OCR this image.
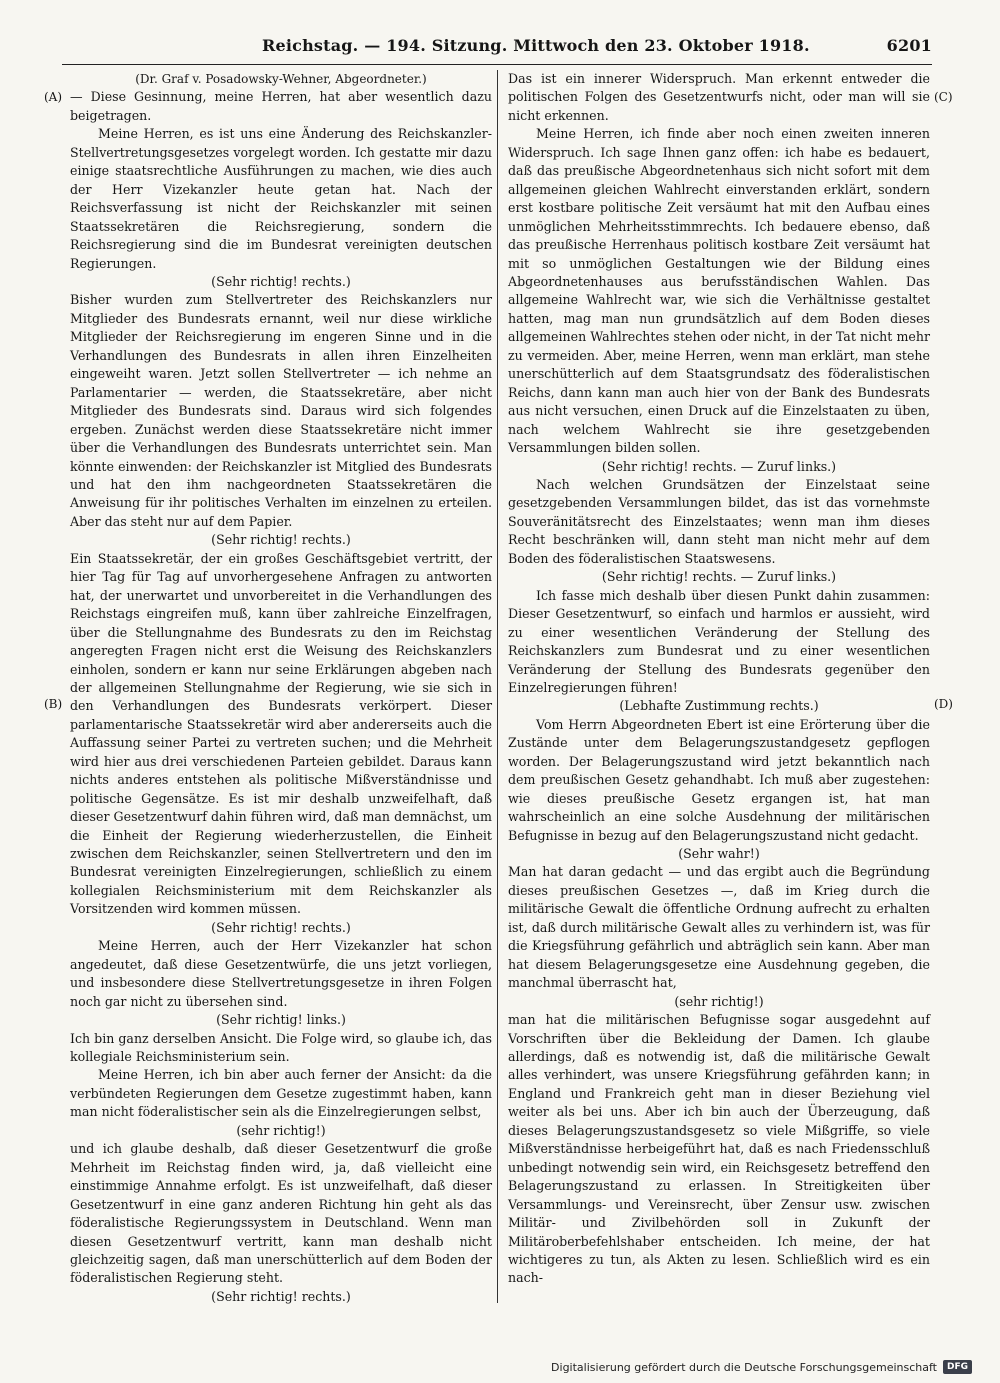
Reichstag. — 194. Sitzung. Mittwoch den 23. Oktober 1918.	6201
(A)
(B)
(C)
(D)

(Dr. Graf v. Posadowsky-Wehner, Abgeordneter.)

— Diese Gesinnung, meine Herren, hat aber wesentlich dazu beigetragen.

Meine Herren, es ist uns eine Änderung des Reichskanzler-Stellvertretungsgesetzes vorgelegt worden. Ich gestatte mir dazu einige staatsrechtliche Ausführungen zu machen, wie dies auch der Herr Vizekanzler heute getan hat. Nach der Reichsverfassung ist nicht der Reichskanzler mit seinen Staatssekretären die Reichsregierung, sondern die Reichsregierung sind die im Bundesrat vereinigten deutschen Regierungen.

(Sehr richtig! rechts.)

Bisher wurden zum Stellvertreter des Reichskanzlers nur Mitglieder des Bundesrats ernannt, weil nur diese wirkliche Mitglieder der Reichsregierung im engeren Sinne und in die Verhandlungen des Bundesrats in allen ihren Einzelheiten eingeweiht waren. Jetzt sollen Stellvertreter — ich nehme an Parlamentarier — werden, die Staatssekretäre, aber nicht Mitglieder des Bundesrats sind. Daraus wird sich folgendes ergeben. Zunächst werden diese Staatssekretäre nicht immer über die Verhandlungen des Bundesrats unterrichtet sein. Man könnte einwenden: der Reichskanzler ist Mitglied des Bundesrats und hat den ihm nachgeordneten Staatssekretären die Anweisung für ihr politisches Verhalten im einzelnen zu erteilen. Aber das steht nur auf dem Papier.

(Sehr richtig! rechts.)

Ein Staatssekretär, der ein großes Geschäftsgebiet vertritt, der hier Tag für Tag auf unvorhergesehene Anfragen zu antworten hat, der unerwartet und unvorbereitet in die Verhandlungen des Reichstags eingreifen muß, kann über zahlreiche Einzelfragen, über die Stellungnahme des Bundesrats zu den im Reichstag angeregten Fragen nicht erst die Weisung des Reichskanzlers einholen, sondern er kann nur seine Erklärungen abgeben nach der allgemeinen Stellungnahme der Regierung, wie sie sich in den Verhandlungen des Bundesrats verkörpert. Dieser parlamentarische Staatssekretär wird aber andererseits auch die Auffassung seiner Partei zu vertreten suchen; und die Mehrheit wird hier aus drei verschiedenen Parteien gebildet. Daraus kann nichts anderes entstehen als politische Mißverständnisse und politische Gegensätze. Es ist mir deshalb unzweifelhaft, daß dieser Gesetzentwurf dahin führen wird, daß man demnächst, um die Einheit der Regierung wiederherzustellen, die Einheit zwischen dem Reichskanzler, seinen Stellvertretern und den im Bundesrat vereinigten Einzelregierungen, schließlich zu einem kollegialen Reichsministerium mit dem Reichskanzler als Vorsitzenden wird kommen müssen.

(Sehr richtig! rechts.)

Meine Herren, auch der Herr Vizekanzler hat schon angedeutet, daß diese Gesetzentwürfe, die uns jetzt vorliegen, und insbesondere diese Stellvertretungsgesetze in ihren Folgen noch gar nicht zu übersehen sind.

(Sehr richtig! links.)

Ich bin ganz derselben Ansicht. Die Folge wird, so glaube ich, das kollegiale Reichsministerium sein.

Meine Herren, ich bin aber auch ferner der Ansicht: da die verbündeten Regierungen dem Gesetze zugestimmt haben, kann man nicht föderalistischer sein als die Einzelregierungen selbst,

(sehr richtig!)

und ich glaube deshalb, daß dieser Gesetzentwurf die große Mehrheit im Reichstag finden wird, ja, daß vielleicht eine einstimmige Annahme erfolgt. Es ist unzweifelhaft, daß dieser Gesetzentwurf in eine ganz anderen Richtung hin geht als das föderalistische Regierungssystem in Deutschland. Wenn man diesen Gesetzentwurf vertritt, kann man deshalb nicht gleichzeitig sagen, daß man unerschütterlich auf dem Boden der föderalistischen Regierung steht.

(Sehr richtig! rechts.)

Das ist ein innerer Widerspruch. Man erkennt entweder die politischen Folgen des Gesetzentwurfs nicht, oder man will sie nicht erkennen.

Meine Herren, ich finde aber noch einen zweiten inneren Widerspruch. Ich sage Ihnen ganz offen: ich habe es bedauert, daß das preußische Abgeordnetenhaus sich nicht sofort mit dem allgemeinen gleichen Wahlrecht einverstanden erklärt, sondern erst kostbare politische Zeit versäumt hat mit den Aufbau eines unmöglichen Mehrheitsstimmrechts. Ich bedauere ebenso, daß das preußische Herrenhaus politisch kostbare Zeit versäumt hat mit so unmöglichen Gestaltungen wie der Bildung eines Abgeordnetenhauses aus berufsständischen Wahlen. Das allgemeine Wahlrecht war, wie sich die Verhältnisse gestaltet hatten, mag man nun grundsätzlich auf dem Boden dieses allgemeinen Wahlrechtes stehen oder nicht, in der Tat nicht mehr zu vermeiden. Aber, meine Herren, wenn man erklärt, man stehe unerschütterlich auf dem Staatsgrundsatz des föderalistischen Reichs, dann kann man auch hier von der Bank des Bundesrats aus nicht versuchen, einen Druck auf die Einzelstaaten zu üben, nach welchem Wahlrecht sie ihre gesetzgebenden Versammlungen bilden sollen.

(Sehr richtig! rechts. — Zuruf links.)

Nach welchen Grundsätzen der Einzelstaat seine gesetzgebenden Versammlungen bildet, das ist das vornehmste Souveränitätsrecht des Einzelstaates; wenn man ihm dieses Recht beschränken will, dann steht man nicht mehr auf dem Boden des föderalistischen Staatswesens.

(Sehr richtig! rechts. — Zuruf links.)

Ich fasse mich deshalb über diesen Punkt dahin zusammen: Dieser Gesetzentwurf, so einfach und harmlos er aussieht, wird zu einer wesentlichen Veränderung der Stellung des Reichskanzlers zum Bundesrat und zu einer wesentlichen Veränderung der Stellung des Bundesrats gegenüber den Einzelregierungen führen!

(Lebhafte Zustimmung rechts.)

Vom Herrn Abgeordneten Ebert ist eine Erörterung über die Zustände unter dem Belagerungszustandgesetz gepflogen worden. Der Belagerungszustand wird jetzt bekanntlich nach dem preußischen Gesetz gehandhabt. Ich muß aber zugestehen: wie dieses preußische Gesetz ergangen ist, hat man wahrscheinlich an eine solche Ausdehnung der militärischen Befugnisse in bezug auf den Belagerungszustand nicht gedacht.

(Sehr wahr!)

Man hat daran gedacht — und das ergibt auch die Begründung dieses preußischen Gesetzes —, daß im Krieg durch die militärische Gewalt die öffentliche Ordnung aufrecht zu erhalten ist, daß durch militärische Gewalt alles zu verhindern ist, was für die Kriegsführung gefährlich und abträglich sein kann. Aber man hat diesem Belagerungsgesetze eine Ausdehnung gegeben, die manchmal überrascht hat,

(sehr richtig!)

man hat die militärischen Befugnisse sogar ausgedehnt auf Vorschriften über die Bekleidung der Damen. Ich glaube allerdings, daß es notwendig ist, daß die militärische Gewalt alles verhindert, was unsere Kriegsführung gefährden kann; in England und Frankreich geht man in dieser Beziehung viel weiter als bei uns. Aber ich bin auch der Überzeugung, daß dieses Belagerungszustandsgesetz so viele Mißgriffe, so viele Mißverständnisse herbeigeführt hat, daß es nach Friedensschluß unbedingt notwendig sein wird, ein Reichsgesetz betreffend den Belagerungszustand zu erlassen. In Streitigkeiten über Versammlungs- und Vereinsrecht, über Zensur usw. zwischen Militär- und Zivilbehörden soll in Zukunft der Militäroberbefehlshaber entscheiden. Ich meine, der hat wichtigeres zu tun, als Akten zu lesen. Schließlich wird es ein nach-

Digitalisierung gefördert durch die Deutsche Forschungsgemeinschaft	DFG
